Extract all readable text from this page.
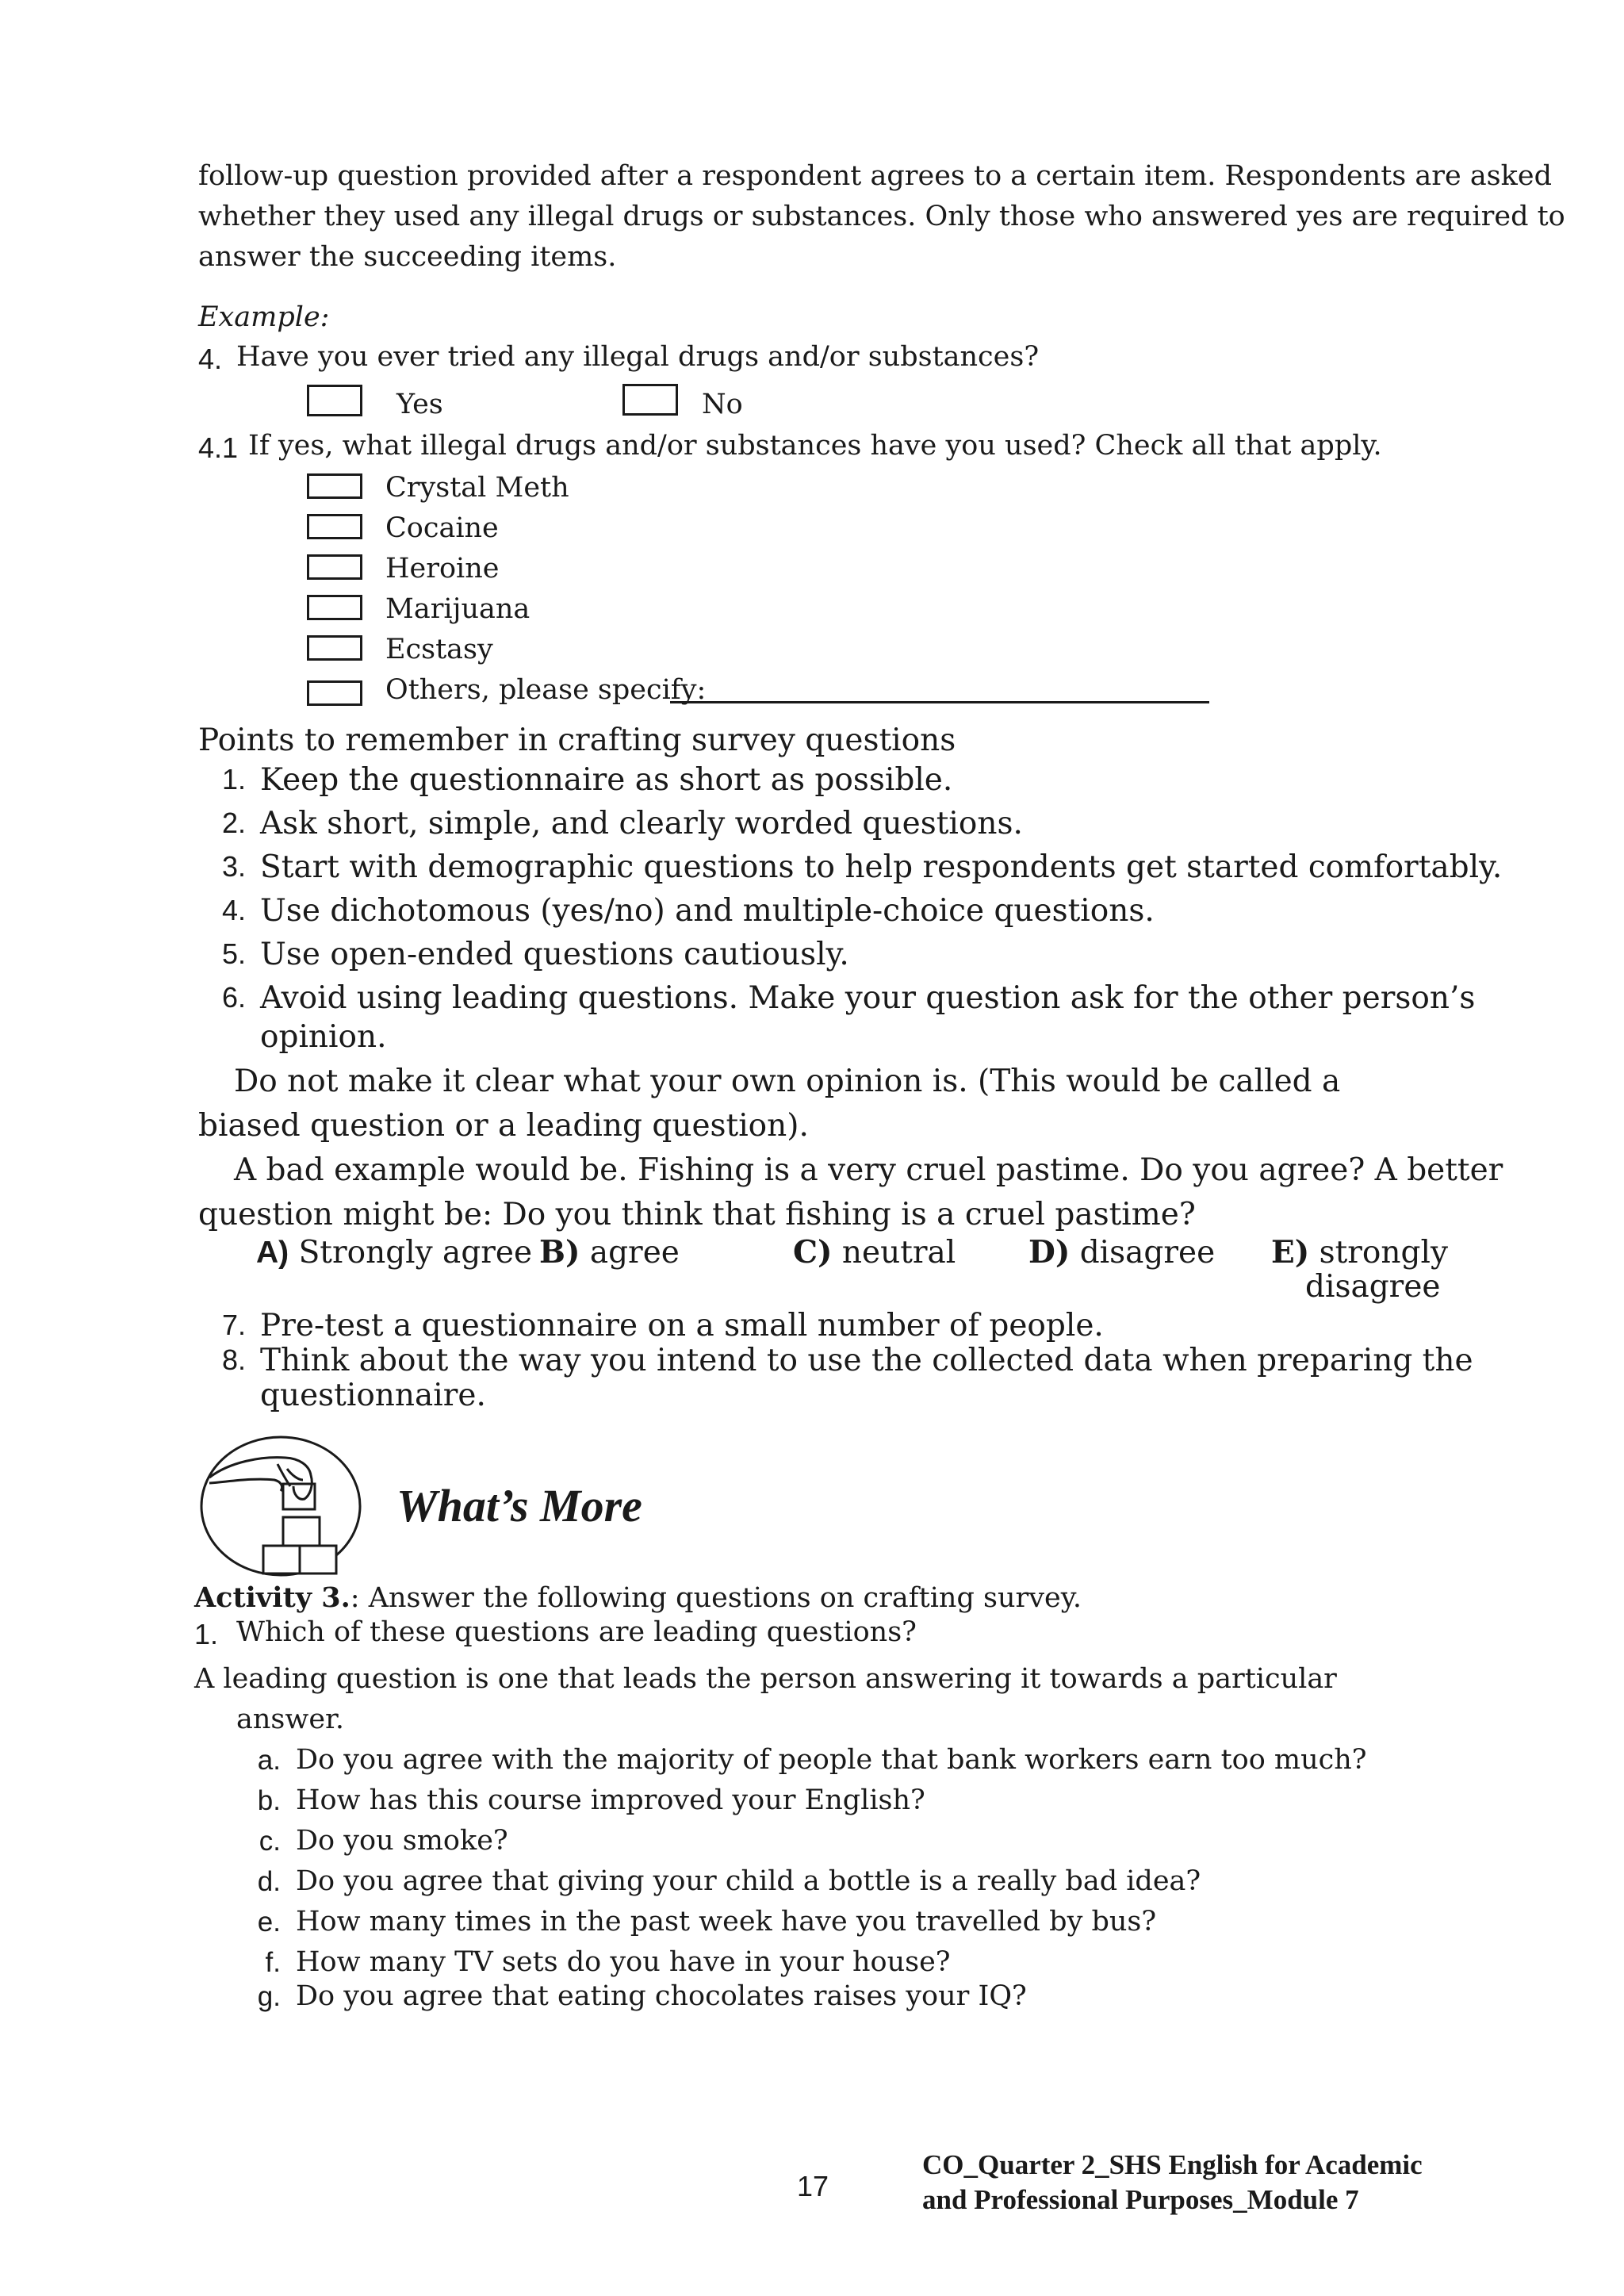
follow-up question provided after a respondent agrees to a certain item. Respondents are asked
whether they used any illegal drugs or substances. Only those who answered yes are required to
answer the succeeding items.
Example:
4. Have you ever tried any illegal drugs and/or substances?
Yes	No
4.1 If yes, what illegal drugs and/or substances have you used? Check all that apply.
Crystal Meth
Cocaine
Heroine
Marijuana
Ecstasy
Others, please specify:
Points to remember in crafting survey questions
1. Keep the questionnaire as short as possible.
2. Ask short, simple, and clearly worded questions.
3. Start with demographic questions to help respondents get started comfortably.
4. Use dichotomous (yes/no) and multiple-choice questions.
5. Use open-ended questions cautiously.
6. Avoid using leading questions. Make your question ask for the other person’s
opinion.
Do not make it clear what your own opinion is. (This would be called a
biased question or a leading question).
A bad example would be. Fishing is a very cruel pastime. Do you agree? A better
question might be: Do you think that fishing is a cruel pastime?
A) Strongly agree B) agree	C) neutral D) disagree E) strongly
disagree
7. Pre-test a questionnaire on a small number of people.
8. Think about the way you intend to use the collected data when preparing the
questionnaire.
What’s More
Activity 3.: Answer the following questions on crafting survey.
1. Which of these questions are leading questions?
A leading question is one that leads the person answering it towards a particular
answer.
a. Do you agree with the majority of people that bank workers earn too much?
b. How has this course improved your English?
c. Do you smoke?
d. Do you agree that giving your child a bottle is a really bad idea?
e. How many times in the past week have you travelled by bus?
f. How many TV sets do you have in your house?
g. Do you agree that eating chocolates raises your IQ?
17
CO_Quarter 2_SHS English for Academic
and Professional Purposes_Module 7
